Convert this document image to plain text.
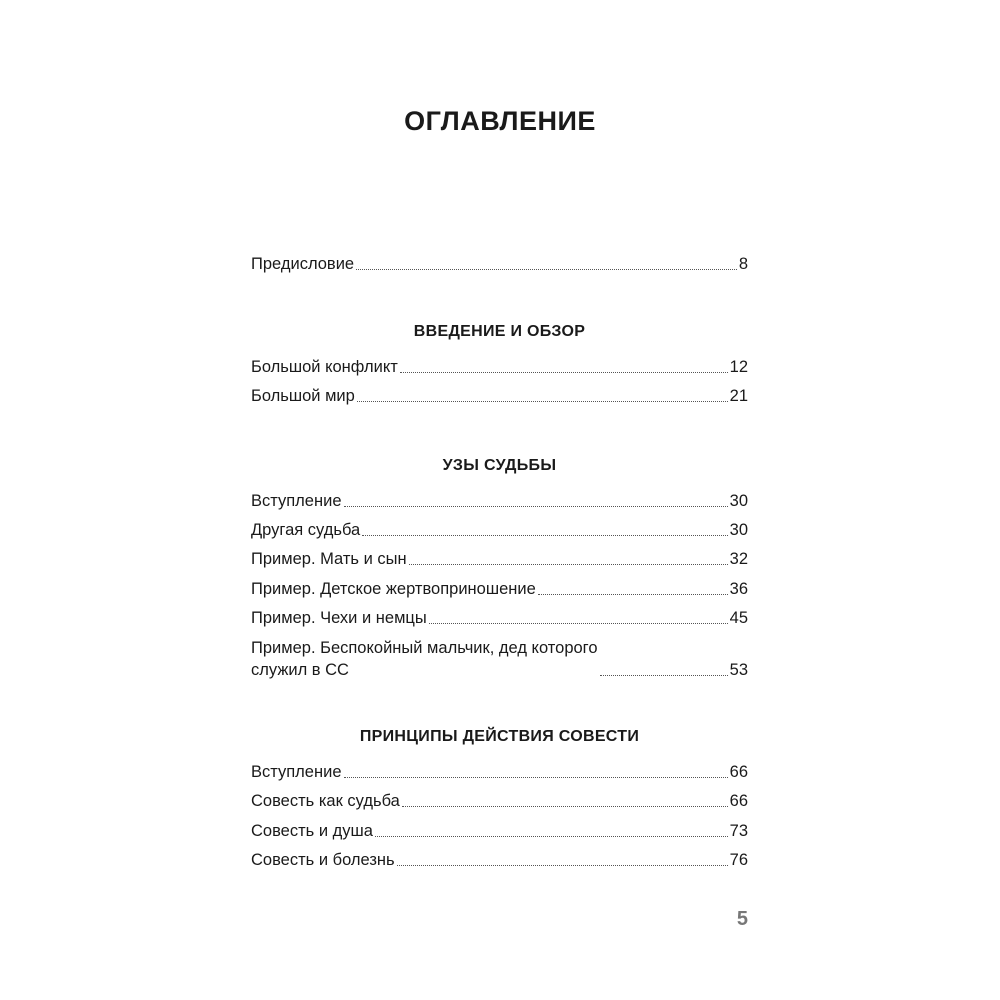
ОГЛАВЛЕНИЕ
Предисловие	8
ВВЕДЕНИЕ И ОБЗОР
Большой конфликт	12
Большой мир	21
УЗЫ СУДЬБЫ
Вступление	30
Другая судьба	30
Пример. Мать и сын	32
Пример. Детское жертвоприношение	36
Пример. Чехи и немцы	45
Пример. Беспокойный мальчик, дед которого
служил в СС	53
ПРИНЦИПЫ ДЕЙСТВИЯ СОВЕСТИ
Вступление	66
Совесть как судьба	66
Совесть и душа	73
Совесть и болезнь	76
5
